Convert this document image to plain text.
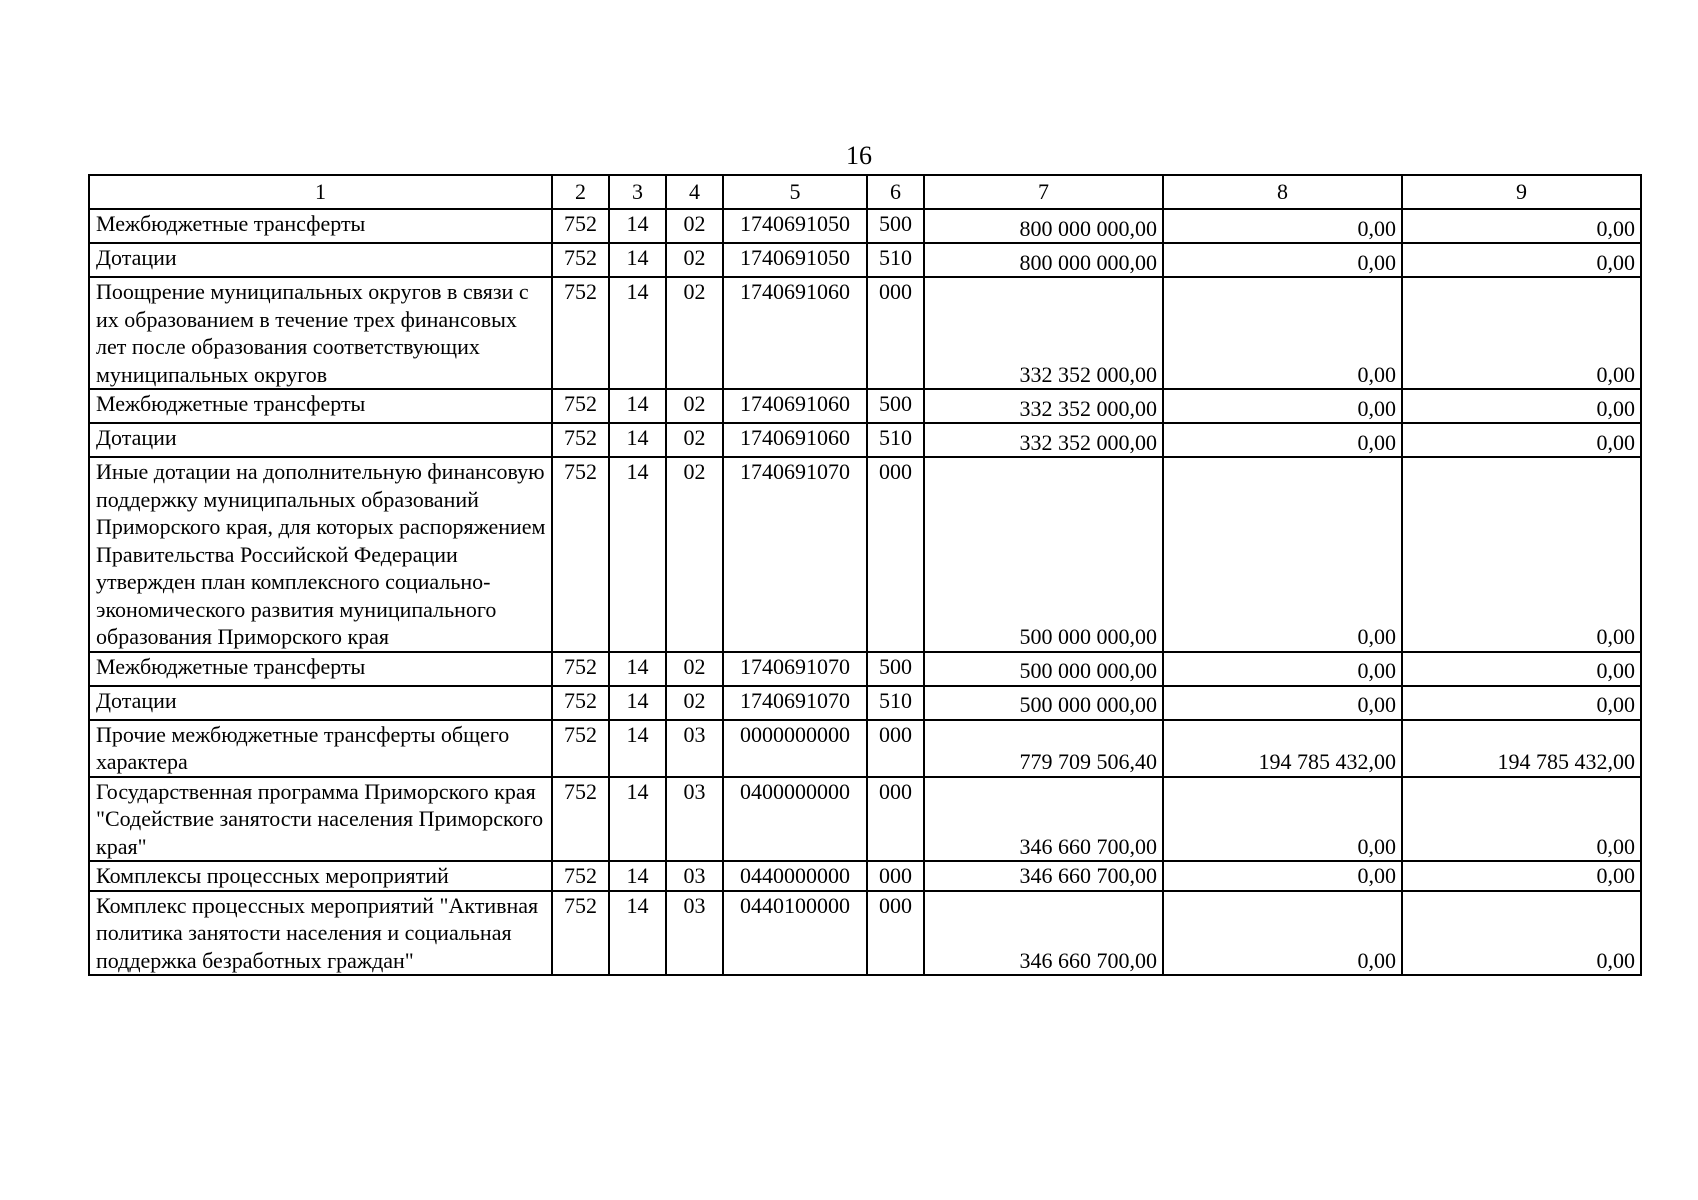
16
1	2	3	4	5	6	7	8	9
Межбюджетные трансферты	752	14	02	1740691050	500	800 000 000,00	0,00	0,00
Дотации	752	14	02	1740691050	510	800 000 000,00	0,00	0,00
Поощрение муниципальных округов в связи с их образованием в течение трех финансовых лет после образования соответствующих муниципальных округов	752	14	02	1740691060	000	332 352 000,00	0,00	0,00
Межбюджетные трансферты	752	14	02	1740691060	500	332 352 000,00	0,00	0,00
Дотации	752	14	02	1740691060	510	332 352 000,00	0,00	0,00
Иные дотации на дополнительную финансовую поддержку муниципальных образований Приморского края, для которых распоряжением Правительства Российской Федерации утвержден план комплексного социально-экономического развития муниципального образования Приморского края	752	14	02	1740691070	000	500 000 000,00	0,00	0,00
Межбюджетные трансферты	752	14	02	1740691070	500	500 000 000,00	0,00	0,00
Дотации	752	14	02	1740691070	510	500 000 000,00	0,00	0,00
Прочие межбюджетные трансферты общего характера	752	14	03	0000000000	000	779 709 506,40	194 785 432,00	194 785 432,00
Государственная программа Приморского края "Содействие занятости населения Приморского края"	752	14	03	0400000000	000	346 660 700,00	0,00	0,00
Комплексы процессных мероприятий	752	14	03	0440000000	000	346 660 700,00	0,00	0,00
Комплекс процессных мероприятий "Активная политика занятости населения и социальная поддержка безработных граждан"	752	14	03	0440100000	000	346 660 700,00	0,00	0,00
